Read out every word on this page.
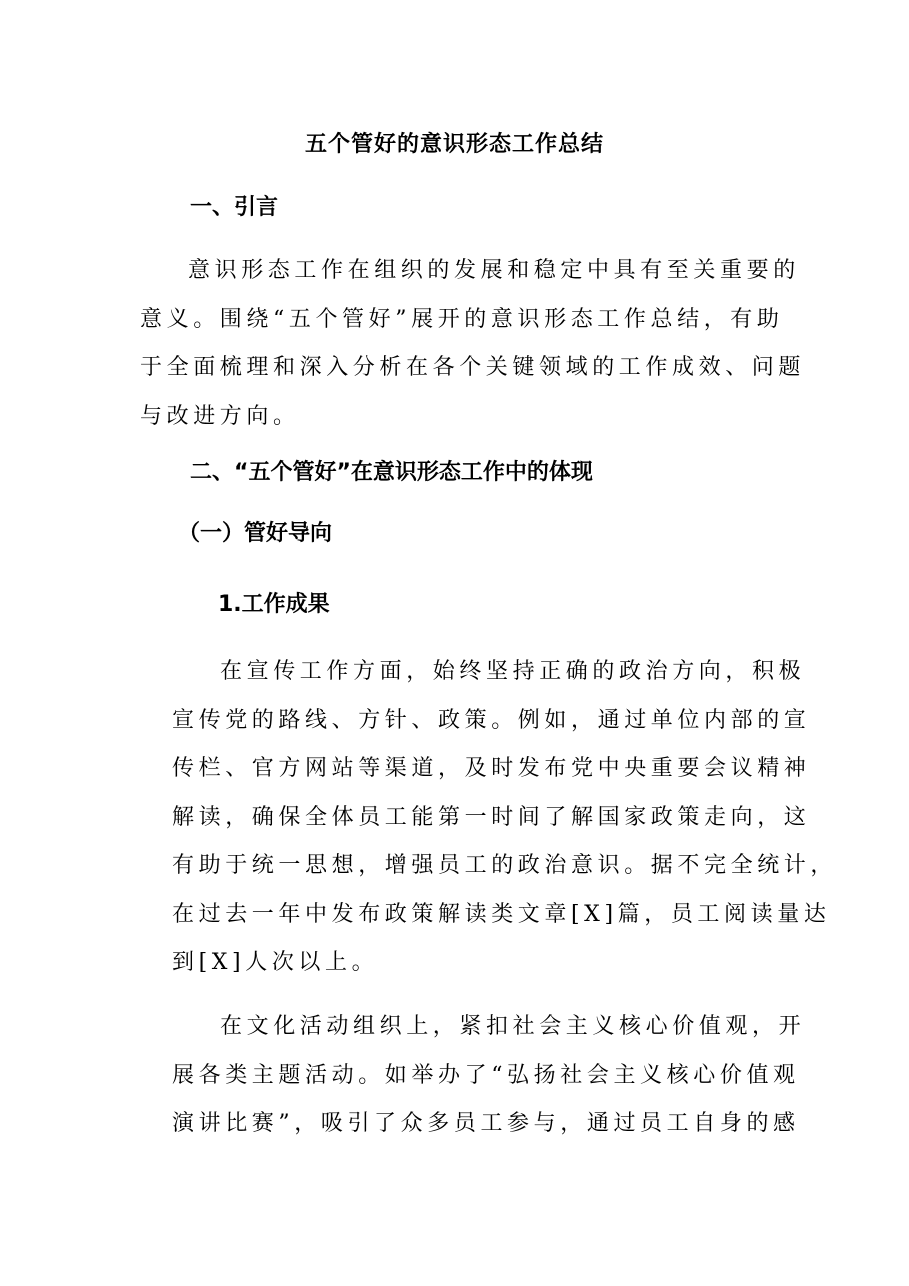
五个管好的意识形态工作总结
一、引言
意识形态工作在组织的发展和稳定中具有至关重要的
意义。围绕“五个管好”展开的意识形态工作总结，有助
于全面梳理和深入分析在各个关键领域的工作成效、问题
与改进方向。
二、“五个管好”在意识形态工作中的体现
（一）管好导向
1.工作成果
在宣传工作方面，始终坚持正确的政治方向，积极
宣传党的路线、方针、政策。例如，通过单位内部的宣
传栏、官方网站等渠道，及时发布党中央重要会议精神
解读，确保全体员工能第一时间了解国家政策走向，这
有助于统一思想，增强员工的政治意识。据不完全统计，
在过去一年中发布政策解读类文章[X]篇，员工阅读量达
到[X]人次以上。
在文化活动组织上，紧扣社会主义核心价值观，开
展各类主题活动。如举办了“弘扬社会主义核心价值观
演讲比赛”，吸引了众多员工参与，通过员工自身的感
